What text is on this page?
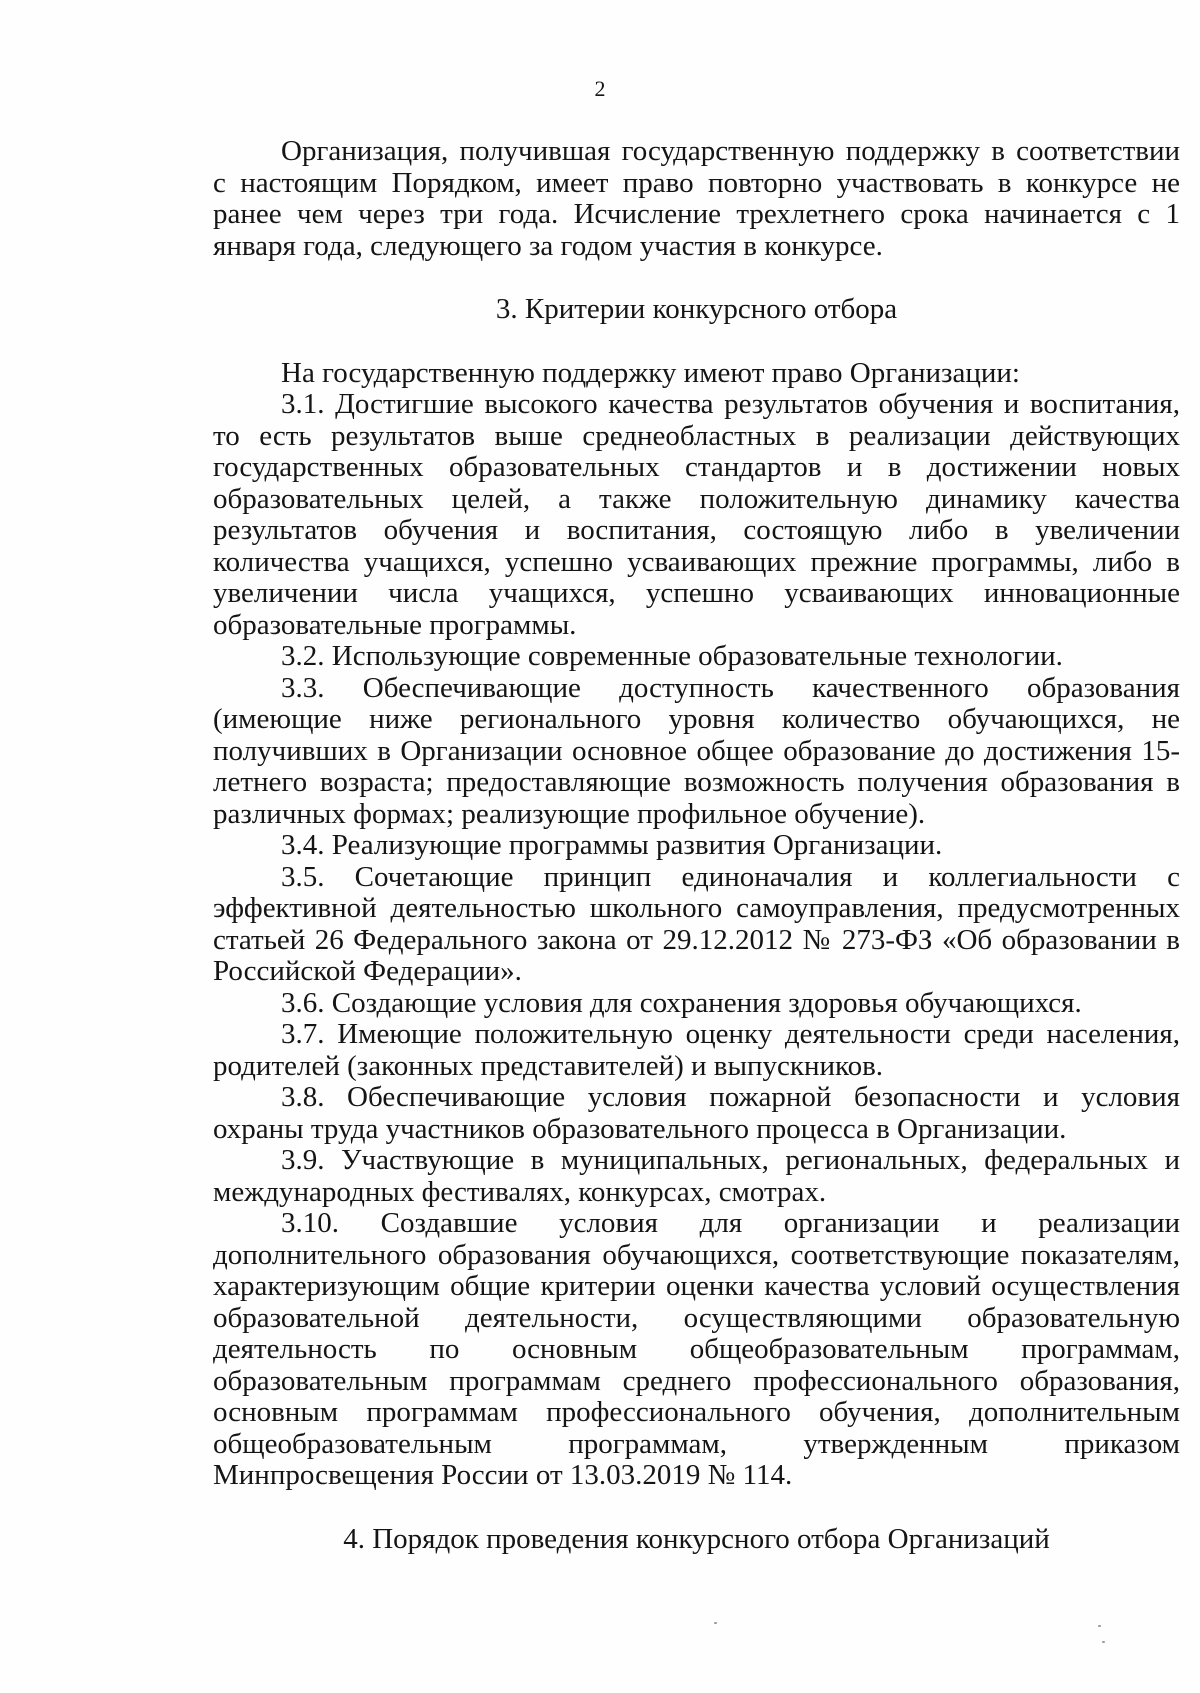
2

Организация, получившая государственную поддержку в соответствии с настоящим Порядком, имеет право повторно участвовать в конкурсе не ранее чем через три года. Исчисление трехлетнего срока начинается с 1 января года, следующего за годом участия в конкурсе.

3. Критерии конкурсного отбора

На государственную поддержку имеют право Организации:

3.1. Достигшие высокого качества результатов обучения и воспитания, то есть результатов выше среднеобластных в реализации действующих государственных образовательных стандартов и в достижении новых образовательных целей, а также положительную динамику качества результатов обучения и воспитания, состоящую либо в увеличении количества учащихся, успешно усваивающих прежние программы, либо в увеличении числа учащихся, успешно усваивающих инновационные образовательные программы.

3.2. Использующие современные образовательные технологии.

3.3. Обеспечивающие доступность качественного образования (имеющие ниже регионального уровня количество обучающихся, не получивших в Организации основное общее образование до достижения 15-летнего возраста; предоставляющие возможность получения образования в различных формах; реализующие профильное обучение).

3.4. Реализующие программы развития Организации.

3.5. Сочетающие принцип единоначалия и коллегиальности с эффективной деятельностью школьного самоуправления, предусмотренных статьей 26 Федерального закона от 29.12.2012 № 273-ФЗ «Об образовании в Российской Федерации».

3.6. Создающие условия для сохранения здоровья обучающихся.

3.7. Имеющие положительную оценку деятельности среди населения, родителей (законных представителей) и выпускников.

3.8. Обеспечивающие условия пожарной безопасности и условия охраны труда участников образовательного процесса в Организации.

3.9. Участвующие в муниципальных, региональных, федеральных и международных фестивалях, конкурсах, смотрах.

3.10. Создавшие условия для организации и реализации дополнительного образования обучающихся, соответствующие показателям, характеризующим общие критерии оценки качества условий осуществления образовательной деятельности, осуществляющими образовательную деятельность по основным общеобразовательным программам, образовательным программам среднего профессионального образования, основным программам профессионального обучения, дополнительным общеобразовательным программам, утвержденным приказом Минпросвещения России от 13.03.2019 № 114.

4. Порядок проведения конкурсного отбора Организаций
